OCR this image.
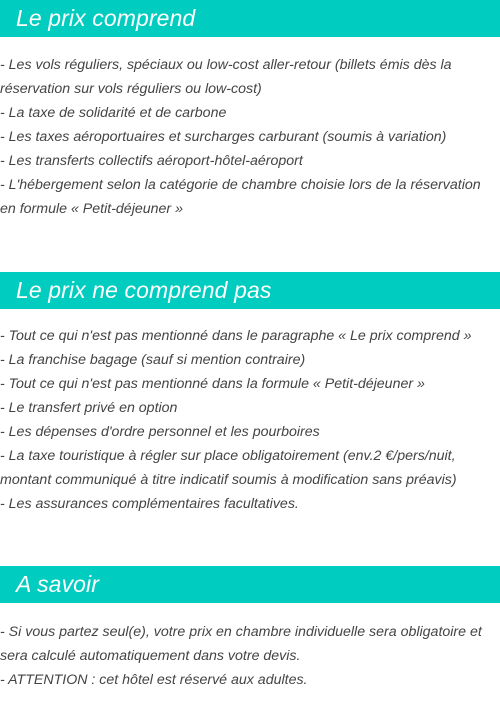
Le prix comprend
- Les vols réguliers, spéciaux ou low-cost aller-retour (billets émis dès la réservation sur vols réguliers ou low-cost)
- La taxe de solidarité et de carbone
- Les taxes aéroportuaires et surcharges carburant (soumis à variation)
- Les transferts collectifs aéroport-hôtel-aéroport
- L'hébergement selon la catégorie de chambre choisie lors de la réservation en formule « Petit-déjeuner »
Le prix ne comprend pas
- Tout ce qui n'est pas mentionné dans le paragraphe « Le prix comprend »
- La franchise bagage (sauf si mention contraire)
- Tout ce qui n'est pas mentionné dans la formule « Petit-déjeuner »
- Le transfert privé en option
- Les dépenses d'ordre personnel et les pourboires
- La taxe touristique à régler sur place obligatoirement (env.2 €/pers/nuit, montant communiqué à titre indicatif soumis à modification sans préavis)
- Les assurances complémentaires facultatives.
A savoir
- Si vous partez seul(e), votre prix en chambre individuelle sera obligatoire et sera calculé automatiquement dans votre devis.
- ATTENTION : cet hôtel est réservé aux adultes.
